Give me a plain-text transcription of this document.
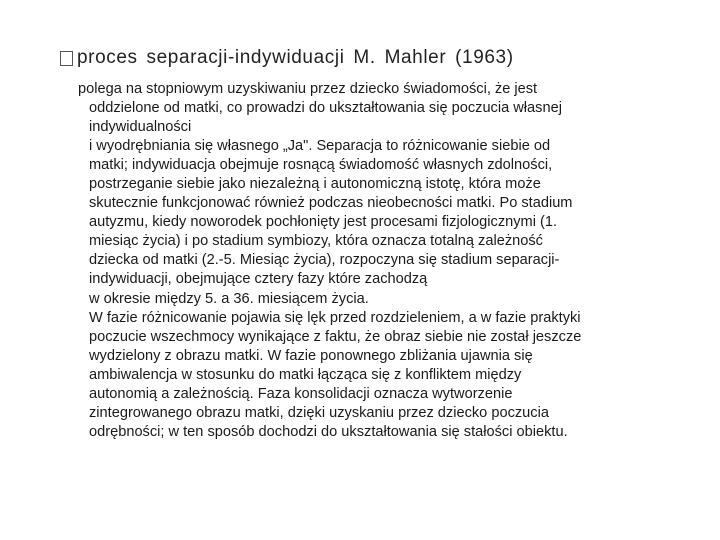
proces separacji-indywiduacji M. Mahler (1963)
polega na stopniowym uzyskiwaniu przez dziecko świadomości, że jest
oddzielone od matki, co prowadzi do ukształtowania się poczucia własnej
indywidualności
i wyodrębniania się własnego „Ja". Separacja to różnicowanie siebie od
matki; indywiduacja obejmuje rosnącą świadomość własnych zdolności,
postrzeganie siebie jako niezależną i autonomiczną istotę, która może
skutecznie funkcjonować również podczas nieobecności matki. Po stadium
autyzmu, kiedy noworodek pochłonięty jest procesami fizjologicznymi (1.
miesiąc życia) i po stadium symbiozy, która oznacza totalną zależność
dziecka od matki (2.-5. Miesiąc życia), rozpoczyna się stadium separacji-
indywiduacji, obejmujące cztery fazy które zachodzą
w okresie między 5. a 36. miesiącem życia.
W fazie różnicowanie pojawia się lęk przed rozdzieleniem, a w fazie praktyki
poczucie wszechmocy wynikające z faktu, że obraz siebie nie został jeszcze
wydzielony z obrazu matki. W fazie ponownego zbliżania ujawnia się
ambiwalencja w stosunku do matki łącząca się z konfliktem między
autonomią a zależnością. Faza konsolidacji oznacza wytworzenie
zintegrowanego obrazu matki, dzięki uzyskaniu przez dziecko poczucia
odrębności; w ten sposób dochodzi do ukształtowania się stałości obiektu.
